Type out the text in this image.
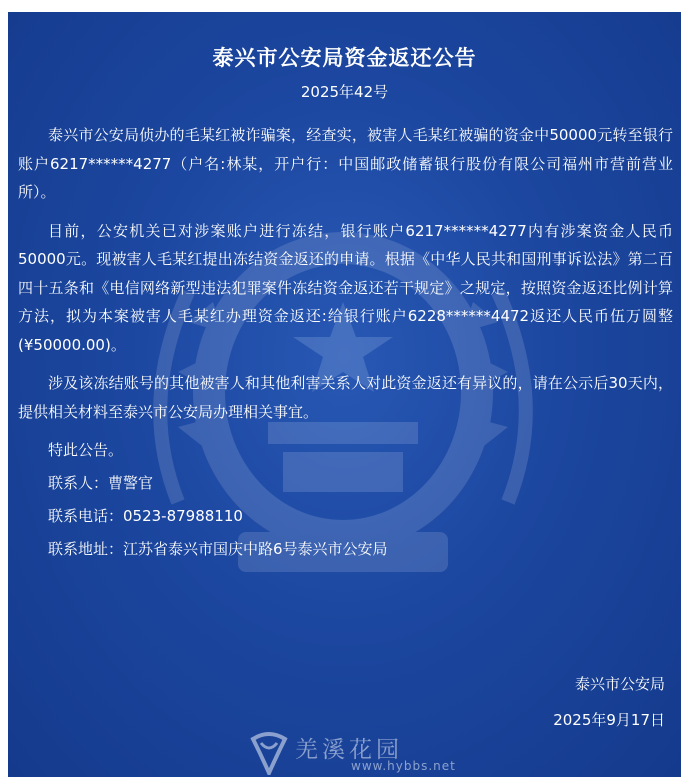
泰兴市公安局资金返还公告
2025年42号

泰兴市公安局侦办的毛某红被诈骗案，经查实，被害人毛某红被骗的资金中50000元转至银行账户6217******4277（户名:林某，开户行：中国邮政储蓄银行股份有限公司福州市营前营业所）。

目前，公安机关已对涉案账户进行冻结，银行账户6217******4277内有涉案资金人民币50000元。现被害人毛某红提出冻结资金返还的申请。根据《中华人民共和国刑事诉讼法》第二百四十五条和《电信网络新型违法犯罪案件冻结资金返还若干规定》之规定，按照资金返还比例计算方法，拟为本案被害人毛某红办理资金返还:给银行账户6228******4472返还人民币伍万圆整(¥50000.00)。

涉及该冻结账号的其他被害人和其他利害关系人对此资金返还有异议的，请在公示后30天内，提供相关材料至泰兴市公安局办理相关事宜。

特此公告。
联系人：曹警官
联系电话：0523-87988110
联系地址：江苏省泰兴市国庆中路6号泰兴市公安局
泰兴市公安局
2025年9月17日
羌溪花园
www.hybbs.net
